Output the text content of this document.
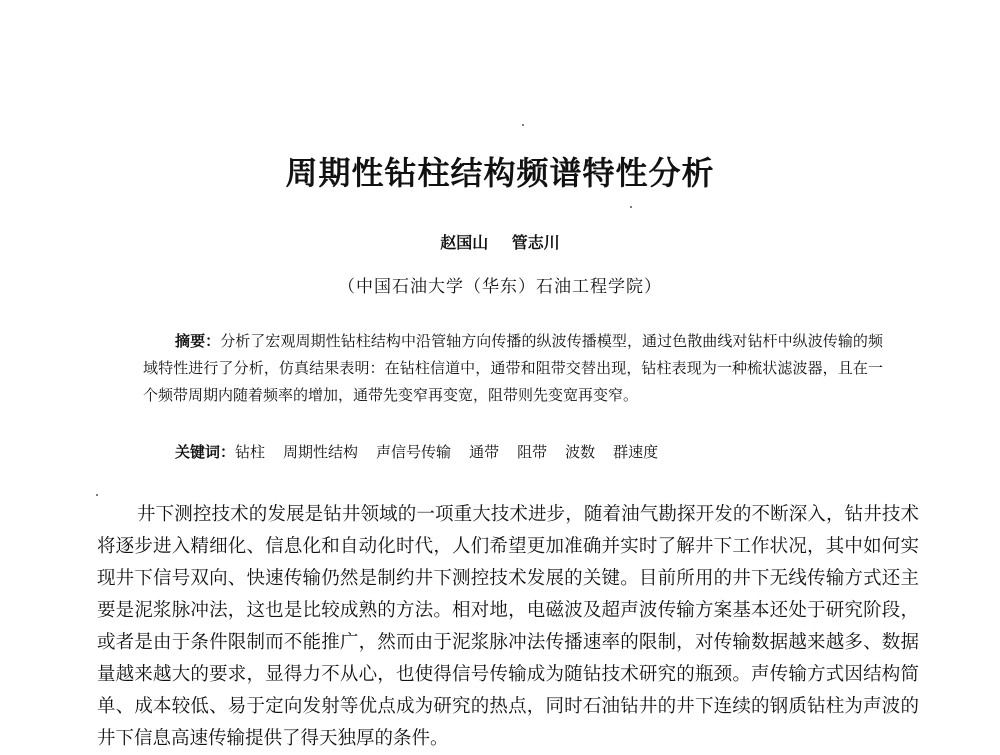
周期性钻柱结构频谱特性分析
赵国山 管志川
（中国石油大学（华东）石油工程学院）
摘要：分析了宏观周期性钻柱结构中沿管轴方向传播的纵波传播模型，通过色散曲线对钻杆中纵波传输的频域特性进行了分析，仿真结果表明：在钻柱信道中，通带和阻带交替出现，钻柱表现为一种梳状滤波器，且在一个频带周期内随着频率的增加，通带先变窄再变宽，阻带则先变宽再变窄。
关键词：钻柱 周期性结构 声信号传输 通带 阻带 波数 群速度
井下测控技术的发展是钻井领域的一项重大技术进步，随着油气勘探开发的不断深入，钻井技术将逐步进入精细化、信息化和自动化时代，人们希望更加准确并实时了解井下工作状况，其中如何实现井下信号双向、快速传输仍然是制约井下测控技术发展的关键。目前所用的井下无线传输方式还主要是泥浆脉冲法，这也是比较成熟的方法。相对地，电磁波及超声波传输方案基本还处于研究阶段，或者是由于条件限制而不能推广，然而由于泥浆脉冲法传播速率的限制，对传输数据越来越多、数据量越来越大的要求，显得力不从心，也使得信号传输成为随钻技术研究的瓶颈。声传输方式因结构简单、成本较低、易于定向发射等优点成为研究的热点，同时石油钻井的井下连续的钢质钻柱为声波的井下信息高速传输提供了得天独厚的条件。
